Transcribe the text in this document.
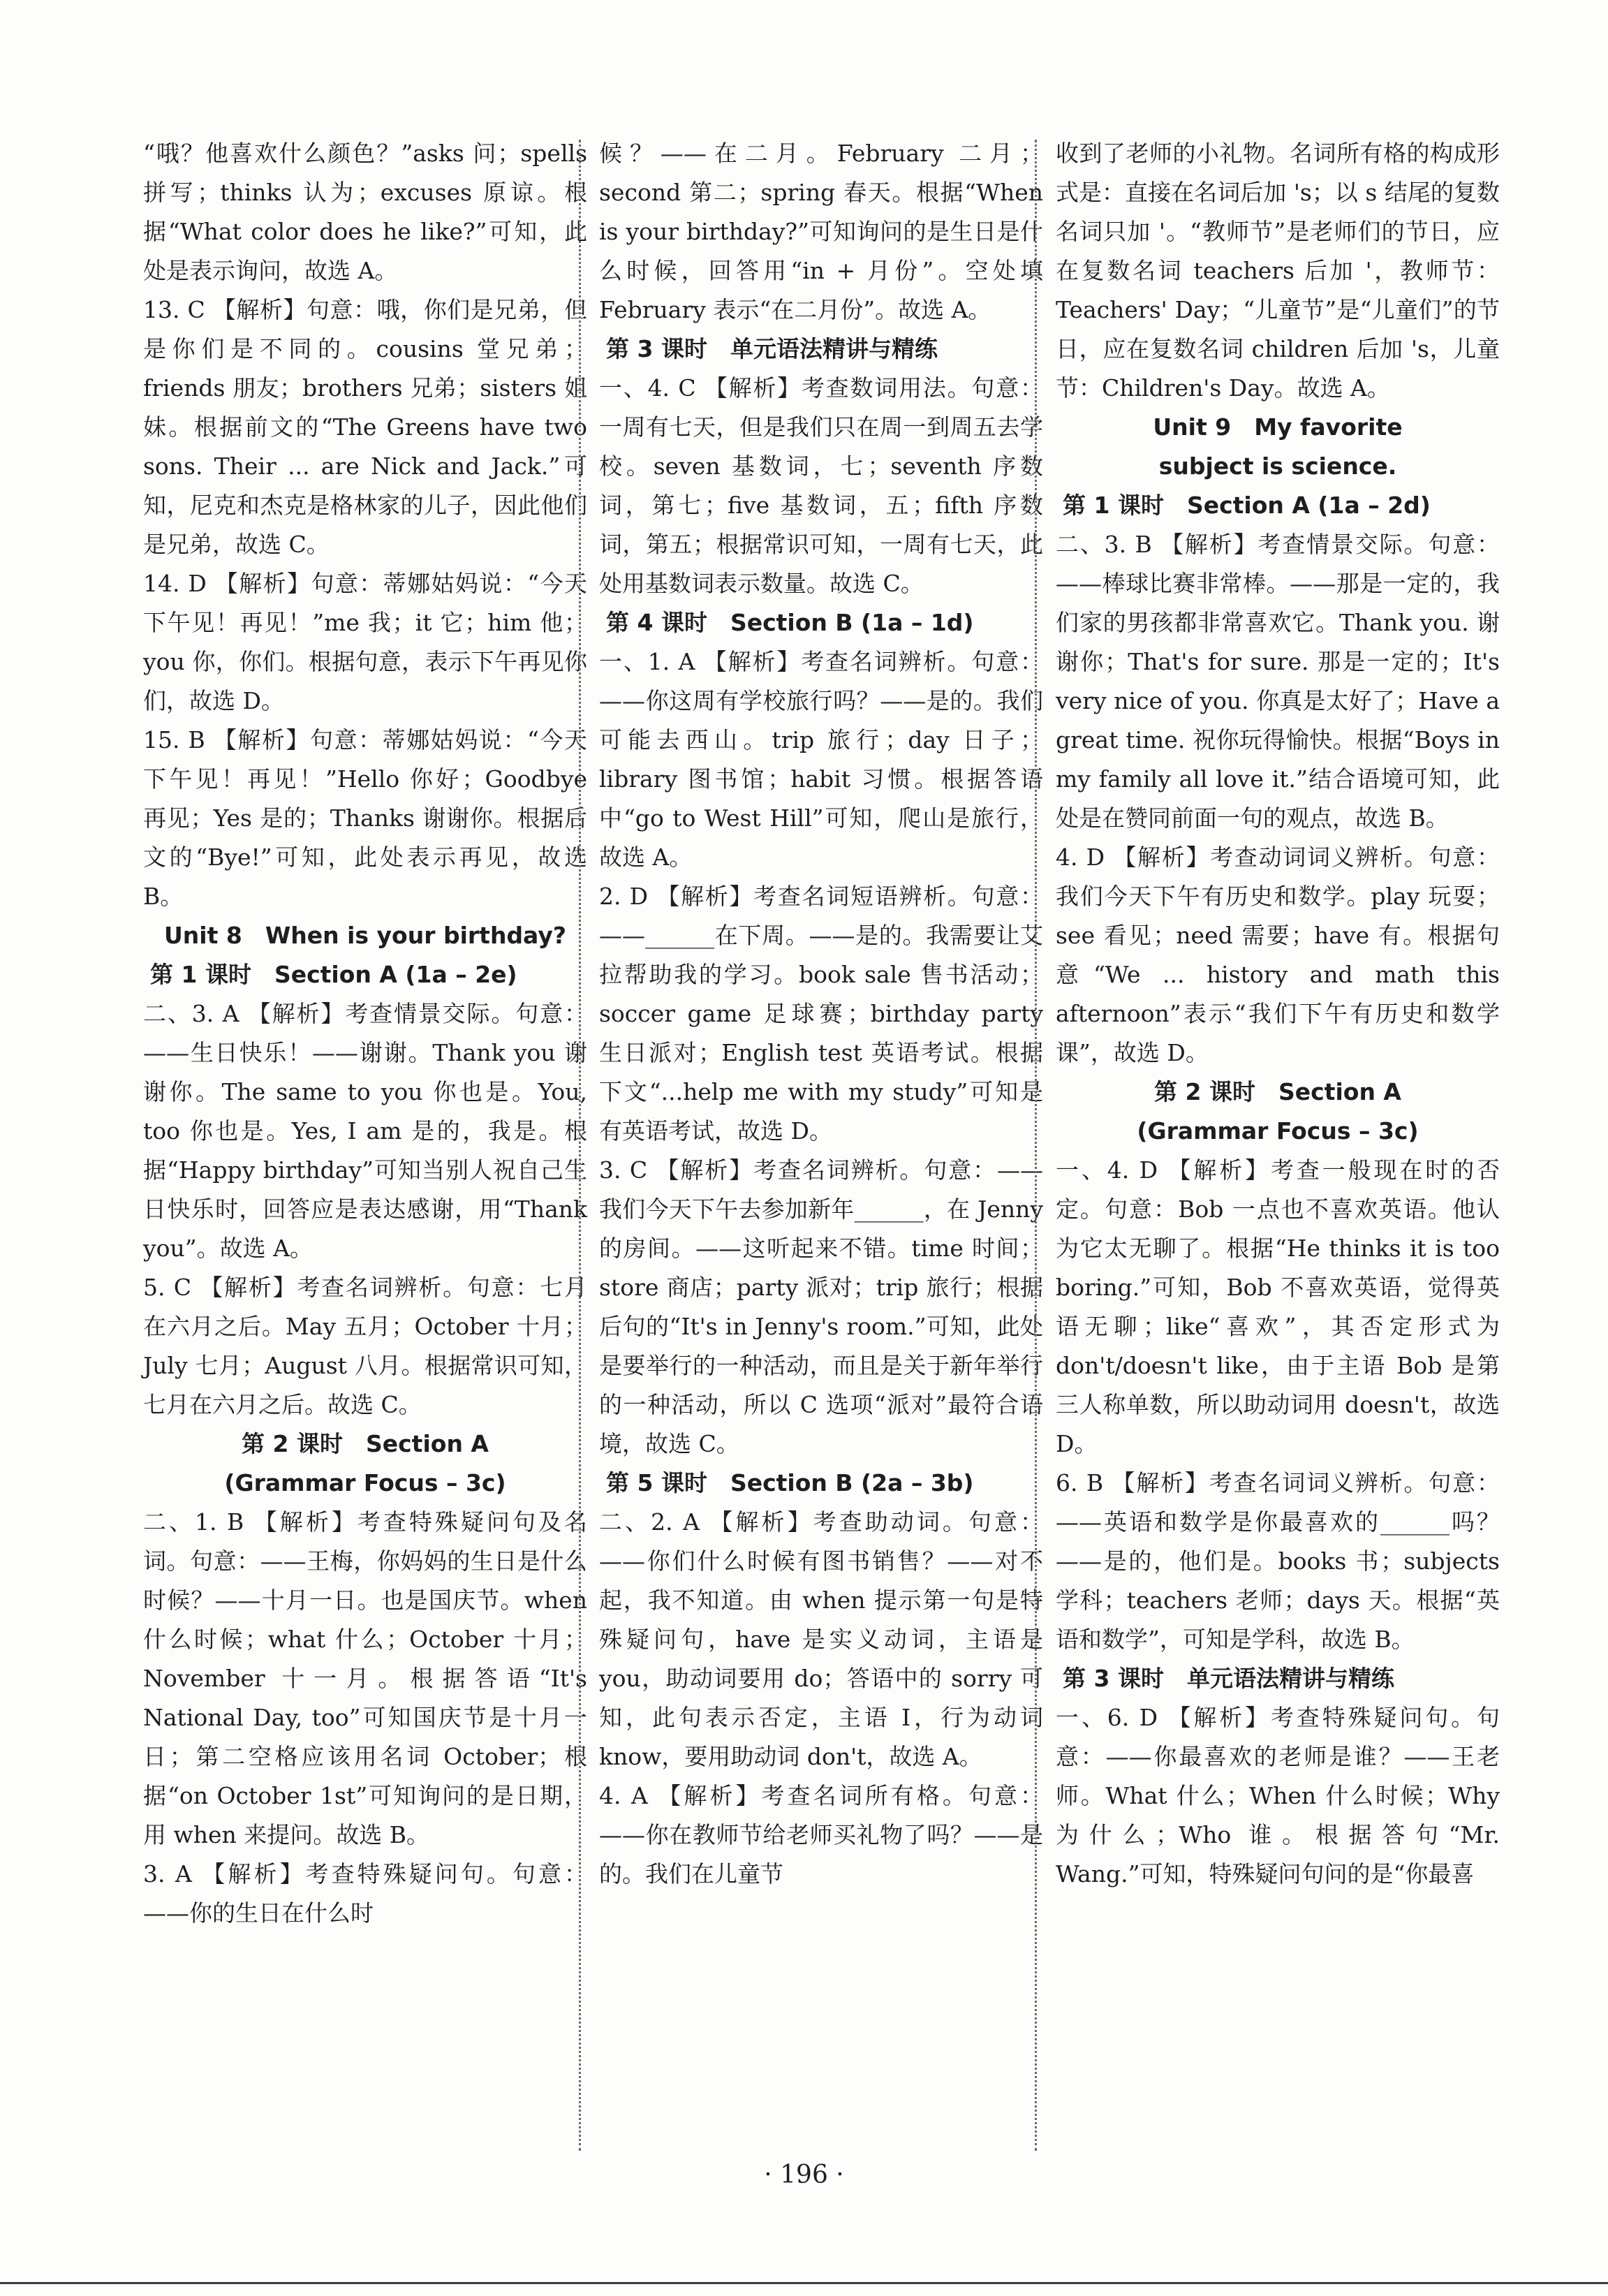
“哦？他喜欢什么颜色？”asks 问；spells 拼写；thinks 认为；excuses 原谅。根据“What color does he like?”可知，此处是表示询问，故选 A。

13. C 【解析】句意：哦，你们是兄弟，但是你们是不同的。cousins 堂兄弟；friends 朋友；brothers 兄弟；sisters 姐妹。根据前文的“The Greens have two sons. Their ... are Nick and Jack.”可知，尼克和杰克是格林家的儿子，因此他们是兄弟，故选 C。

14. D 【解析】句意：蒂娜姑妈说：“今天下午见！再见！”me 我；it 它；him 他；you 你，你们。根据句意，表示下午再见你们，故选 D。

15. B 【解析】句意：蒂娜姑妈说：“今天下午见！再见！”Hello 你好；Goodbye 再见；Yes 是的；Thanks 谢谢你。根据后文的“Bye!”可知，此处表示再见，故选 B。

Unit 8　When is your birthday?
第 1 课时　Section A (1a – 2e)

二、3. A 【解析】考查情景交际。句意：——生日快乐！——谢谢。Thank you 谢谢你。The same to you 你也是。You, too 你也是。Yes, I am 是的，我是。根据“Happy birthday”可知当别人祝自己生日快乐时，回答应是表达感谢，用“Thank you”。故选 A。

5. C 【解析】考查名词辨析。句意：七月在六月之后。May 五月；October 十月；July 七月；August 八月。根据常识可知，七月在六月之后。故选 C。

第 2 课时　Section A
(Grammar Focus – 3c)

二、1. B 【解析】考查特殊疑问句及名词。句意：——王梅，你妈妈的生日是什么时候？——十月一日。也是国庆节。when 什么时候；what 什么；October 十月；November 十一月。根据答语“It's National Day, too”可知国庆节是十月一日；第二空格应该用名词 October；根据“on October 1st”可知询问的是日期，用 when 来提问。故选 B。

3. A 【解析】考查特殊疑问句。句意：——你的生日在什么时

候？——在二月。February 二月；second 第二；spring 春天。根据“When is your birthday?”可知询问的是生日是什么时候，回答用“in + 月份”。空处填 February 表示“在二月份”。故选 A。

第 3 课时　单元语法精讲与精练

一、4. C 【解析】考查数词用法。句意：一周有七天，但是我们只在周一到周五去学校。seven 基数词，七；seventh 序数词，第七；five 基数词，五；fifth 序数词，第五；根据常识可知，一周有七天，此处用基数词表示数量。故选 C。

第 4 课时　Section B (1a – 1d)

一、1. A 【解析】考查名词辨析。句意：——你这周有学校旅行吗？——是的。我们可能去西山。trip 旅行；day 日子；library 图书馆；habit 习惯。根据答语中“go to West Hill”可知，爬山是旅行，故选 A。

2. D 【解析】考查名词短语辨析。句意：——______在下周。——是的。我需要让艾拉帮助我的学习。book sale 售书活动；soccer game 足球赛；birthday party 生日派对；English test 英语考试。根据下文“...help me with my study”可知是有英语考试，故选 D。

3. C 【解析】考查名词辨析。句意：——我们今天下午去参加新年______，在 Jenny 的房间。——这听起来不错。time 时间；store 商店；party 派对；trip 旅行；根据后句的“It's in Jenny's room.”可知，此处是要举行的一种活动，而且是关于新年举行的一种活动，所以 C 选项“派对”最符合语境，故选 C。

第 5 课时　Section B (2a – 3b)

二、2. A 【解析】考查助动词。句意：——你们什么时候有图书销售？——对不起，我不知道。由 when 提示第一句是特殊疑问句，have 是实义动词，主语是 you，助动词要用 do；答语中的 sorry 可知，此句表示否定，主语 I，行为动词 know，要用助动词 don't，故选 A。

4. A 【解析】考查名词所有格。句意：——你在教师节给老师买礼物了吗？——是的。我们在儿童节

收到了老师的小礼物。名词所有格的构成形式是：直接在名词后加 's；以 s 结尾的复数名词只加 '。“教师节”是老师们的节日，应在复数名词 teachers 后加 '，教师节：Teachers' Day；“儿童节”是“儿童们”的节日，应在复数名词 children 后加 's，儿童节：Children's Day。故选 A。

Unit 9　My favorite
subject is science.
第 1 课时　Section A (1a – 2d)

二、3. B 【解析】考查情景交际。句意：——棒球比赛非常棒。——那是一定的，我们家的男孩都非常喜欢它。Thank you. 谢谢你；That's for sure. 那是一定的；It's very nice of you. 你真是太好了；Have a great time. 祝你玩得愉快。根据“Boys in my family all love it.”结合语境可知，此处是在赞同前面一句的观点，故选 B。

4. D 【解析】考查动词词义辨析。句意：我们今天下午有历史和数学。play 玩耍；see 看见；need 需要；have 有。根据句意“We ... history and math this afternoon”表示“我们下午有历史和数学课”，故选 D。

第 2 课时　Section A
(Grammar Focus – 3c)

一、4. D 【解析】考查一般现在时的否定。句意：Bob 一点也不喜欢英语。他认为它太无聊了。根据“He thinks it is too boring.”可知，Bob 不喜欢英语，觉得英语无聊；like“喜欢”，其否定形式为 don't/doesn't like，由于主语 Bob 是第三人称单数，所以助动词用 doesn't，故选 D。

6. B 【解析】考查名词词义辨析。句意：——英语和数学是你最喜欢的______吗？——是的，他们是。books 书；subjects 学科；teachers 老师；days 天。根据“英语和数学”，可知是学科，故选 B。

第 3 课时　单元语法精讲与精练

一、6. D 【解析】考查特殊疑问句。句意：——你最喜欢的老师是谁？——王老师。What 什么；When 什么时候；Why 为什么；Who 谁。根据答句“Mr. Wang.”可知，特殊疑问句问的是“你最喜

· 196 ·
